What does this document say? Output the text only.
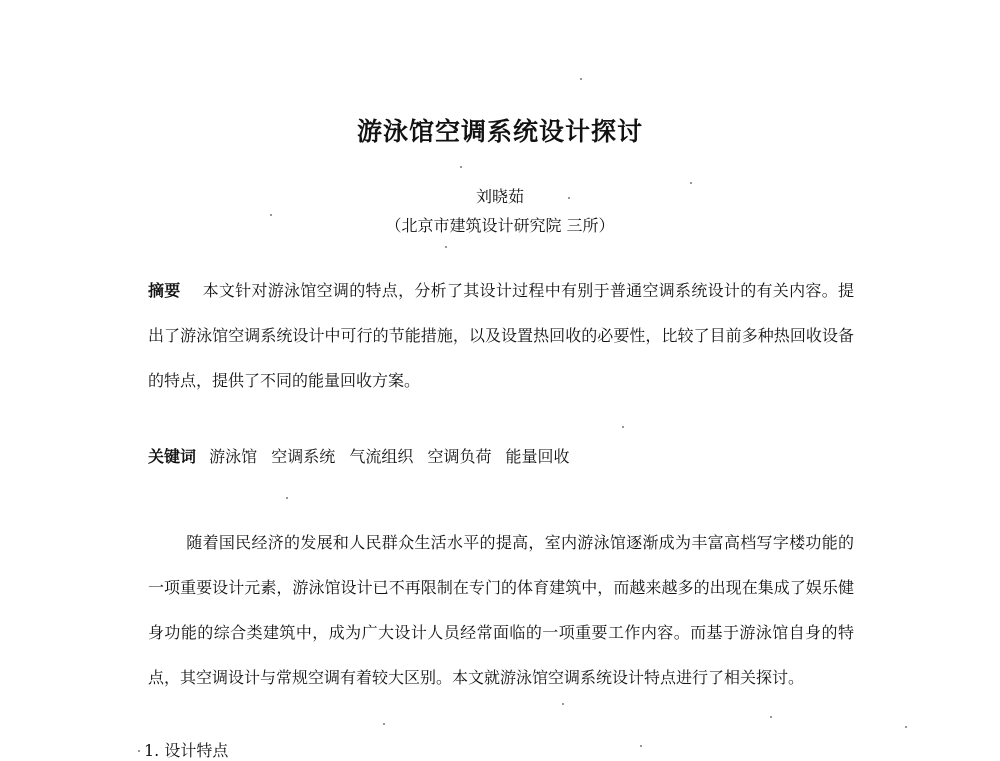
游泳馆空调系统设计探讨
刘晓茹
（北京市建筑设计研究院 三所）
摘要 本文针对游泳馆空调的特点，分析了其设计过程中有别于普通空调系统设计的有关内容。提出了游泳馆空调系统设计中可行的节能措施，以及设置热回收的必要性，比较了目前多种热回收设备的特点，提供了不同的能量回收方案。
关键词 游泳馆 空调系统 气流组织 空调负荷 能量回收
随着国民经济的发展和人民群众生活水平的提高，室内游泳馆逐渐成为丰富高档写字楼功能的一项重要设计元素，游泳馆设计已不再限制在专门的体育建筑中，而越来越多的出现在集成了娱乐健身功能的综合类建筑中，成为广大设计人员经常面临的一项重要工作内容。而基于游泳馆自身的特点，其空调设计与常规空调有着较大区别。本文就游泳馆空调系统设计特点进行了相关探讨。
1. 设计特点
